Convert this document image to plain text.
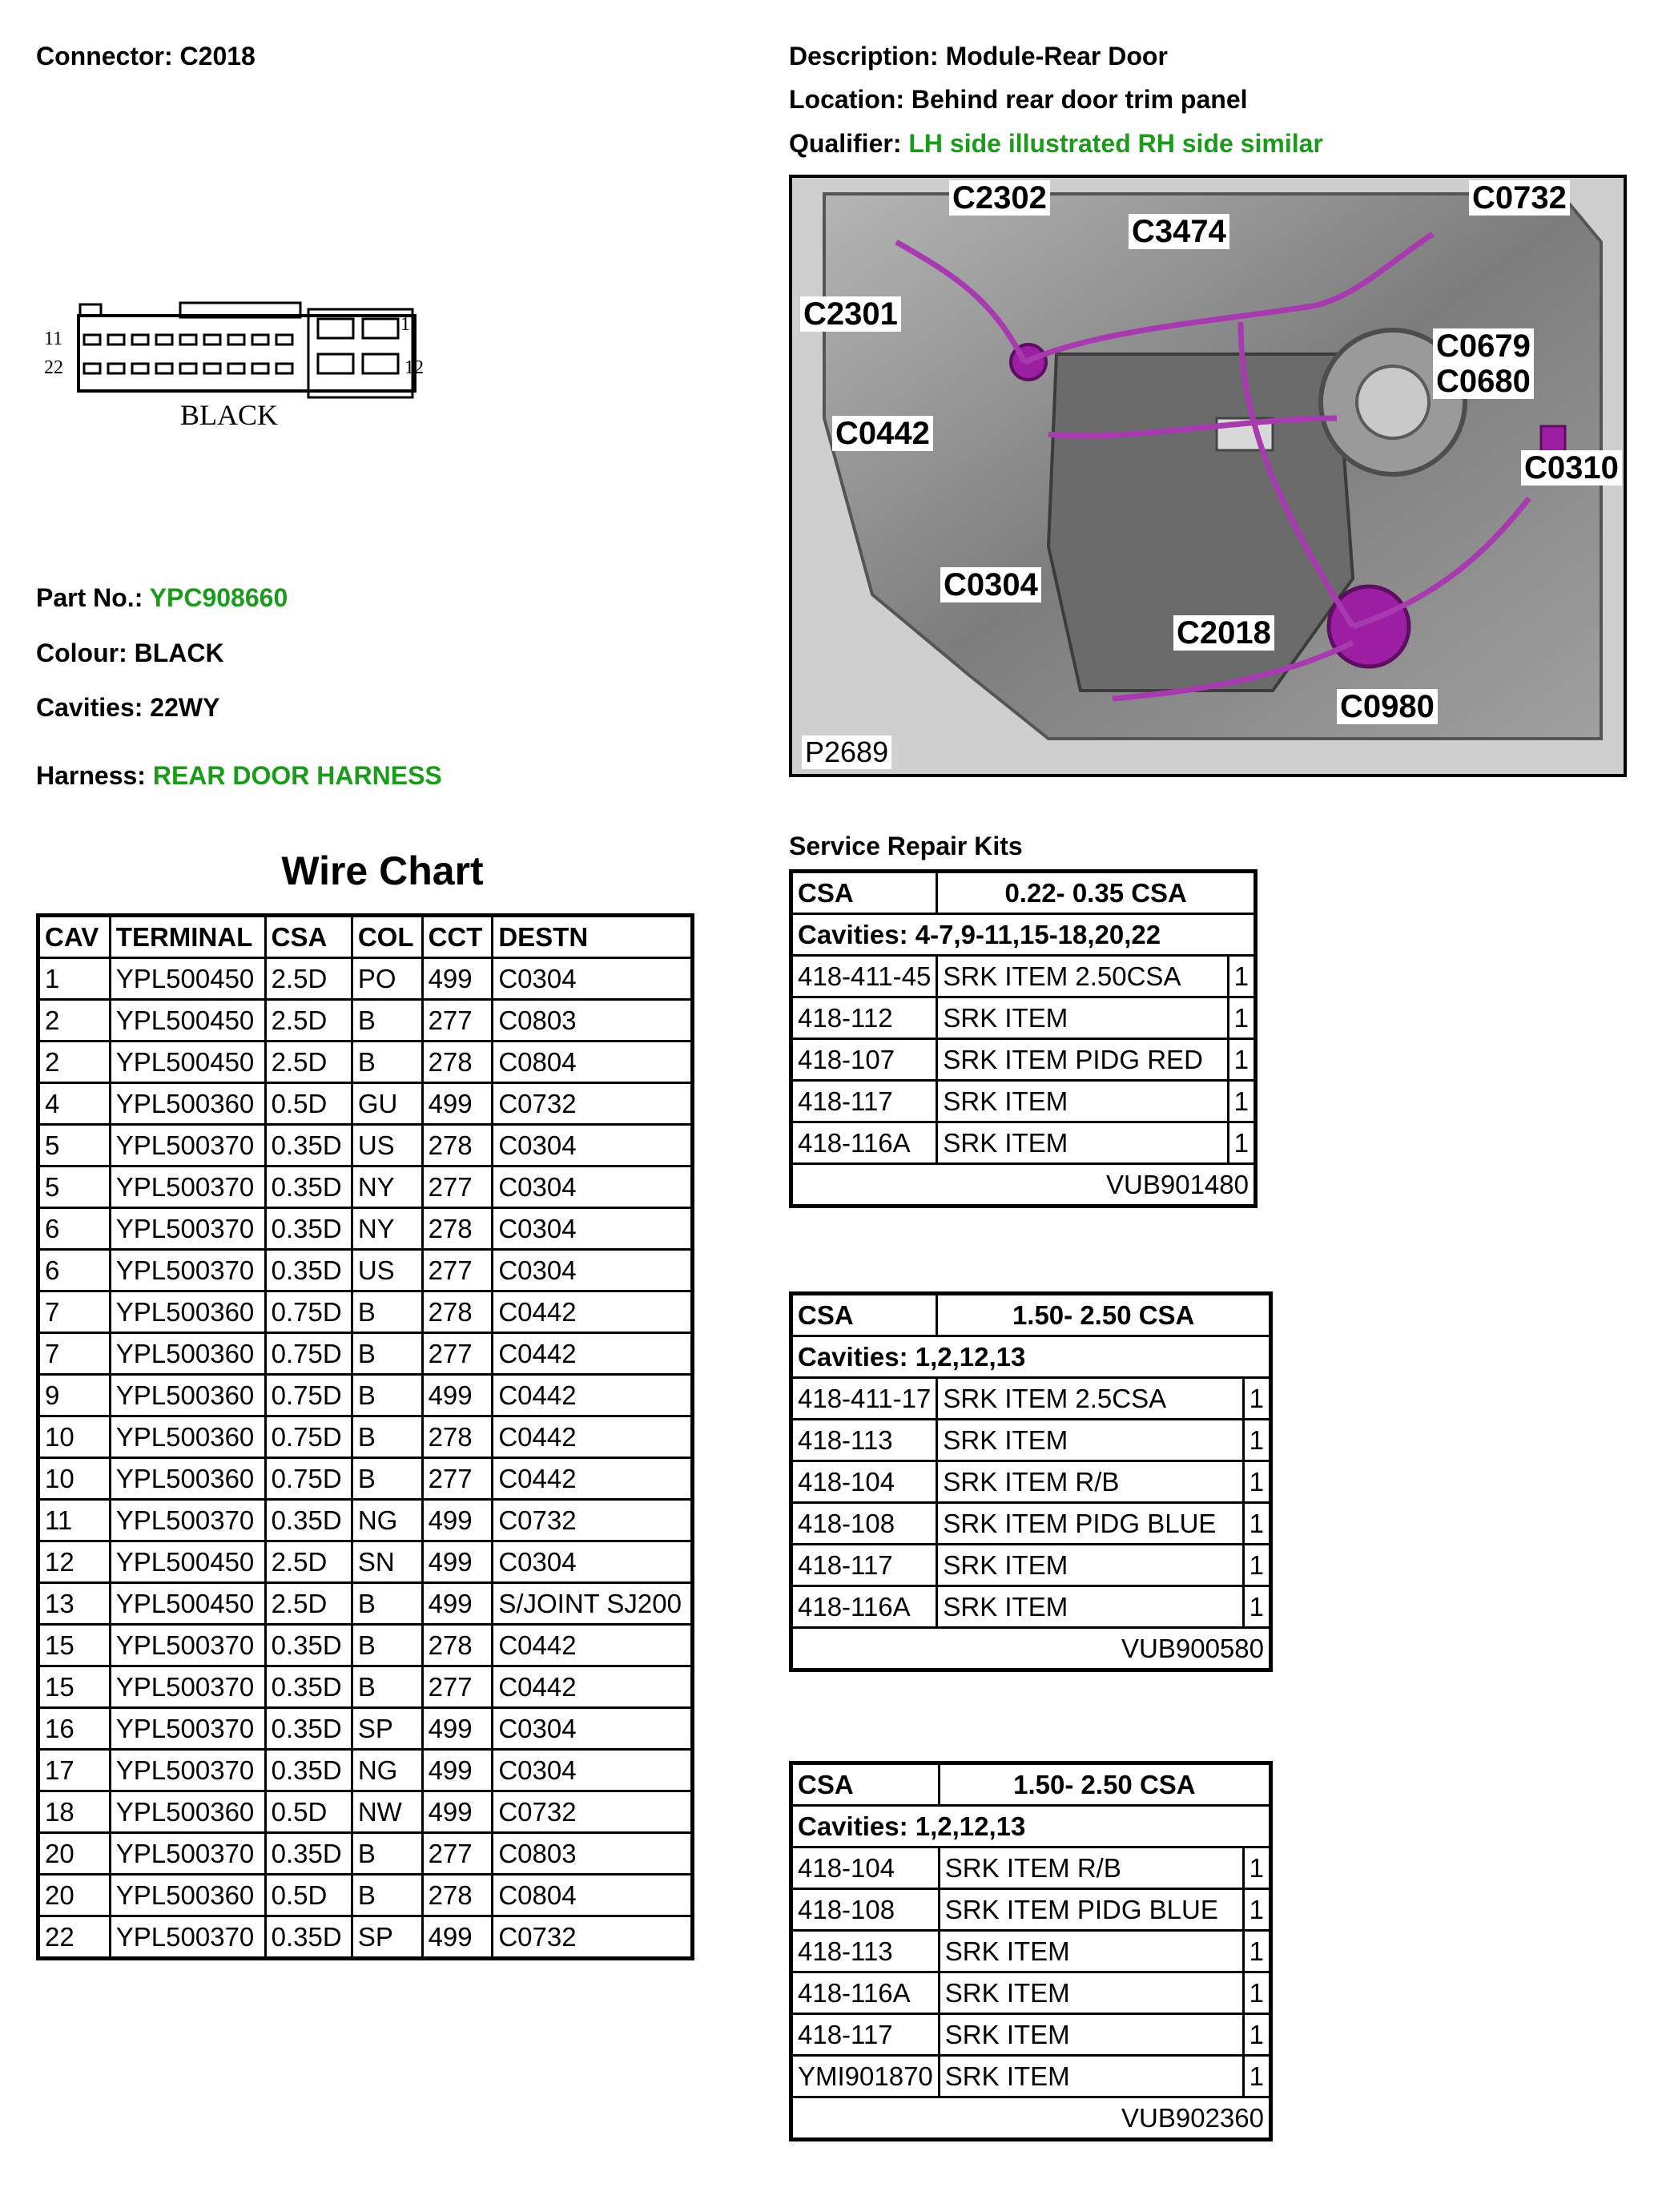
Connector: C2018	Description: Module-Rear Door
Location: Behind rear door trim panel
Qualifier: LH side illustrated RH side similar
1
11
22	12
BLACK
Part No.: YPC908660
Colour: BLACK
Cavities: 22WY
Harness: REAR DOOR HARNESS
C2302
C3474
C0732
C2301
C0679
C0680
C0442
C0310
C0304
C2018
C0980
P2689
Wire Chart
CAV	TERMINAL	CSA	COL	CCT	DESTN
1	YPL500450	2.5D	PO	499	C0304
2	YPL500450	2.5D	B	277	C0803
2	YPL500450	2.5D	B	278	C0804
4	YPL500360	0.5D	GU	499	C0732
5	YPL500370	0.35D	US	278	C0304
5	YPL500370	0.35D	NY	277	C0304
6	YPL500370	0.35D	NY	278	C0304
6	YPL500370	0.35D	US	277	C0304
7	YPL500360	0.75D	B	278	C0442
7	YPL500360	0.75D	B	277	C0442
9	YPL500360	0.75D	B	499	C0442
10	YPL500360	0.75D	B	278	C0442
10	YPL500360	0.75D	B	277	C0442
11	YPL500370	0.35D	NG	499	C0732
12	YPL500450	2.5D	SN	499	C0304
13	YPL500450	2.5D	B	499	S/JOINT SJ200
15	YPL500370	0.35D	B	278	C0442
15	YPL500370	0.35D	B	277	C0442
16	YPL500370	0.35D	SP	499	C0304
17	YPL500370	0.35D	NG	499	C0304
18	YPL500360	0.5D	NW	499	C0732
20	YPL500370	0.35D	B	277	C0803
20	YPL500360	0.5D	B	278	C0804
22	YPL500370	0.35D	SP	499	C0732
Service Repair Kits
CSA	0.22- 0.35 CSA	
Cavities: 4-7,9-11,15-18,20,22		
418-411-45	SRK ITEM 2.50CSA	1
418-112	SRK ITEM	1
418-107	SRK ITEM PIDG RED	1
418-117	SRK ITEM	1
418-116A	SRK ITEM	1
VUB901480		
CSA	1.50- 2.50 CSA	
Cavities: 1,2,12,13		
418-411-17	SRK ITEM 2.5CSA	1
418-113	SRK ITEM	1
418-104	SRK ITEM R/B	1
418-108	SRK ITEM PIDG BLUE	1
418-117	SRK ITEM	1
418-116A	SRK ITEM	1
VUB900580		
CSA	1.50- 2.50 CSA	
Cavities: 1,2,12,13		
418-104	SRK ITEM R/B	1
418-108	SRK ITEM PIDG BLUE	1
418-113	SRK ITEM	1
418-116A	SRK ITEM	1
418-117	SRK ITEM	1
YMI901870	SRK ITEM	1
VUB902360		
